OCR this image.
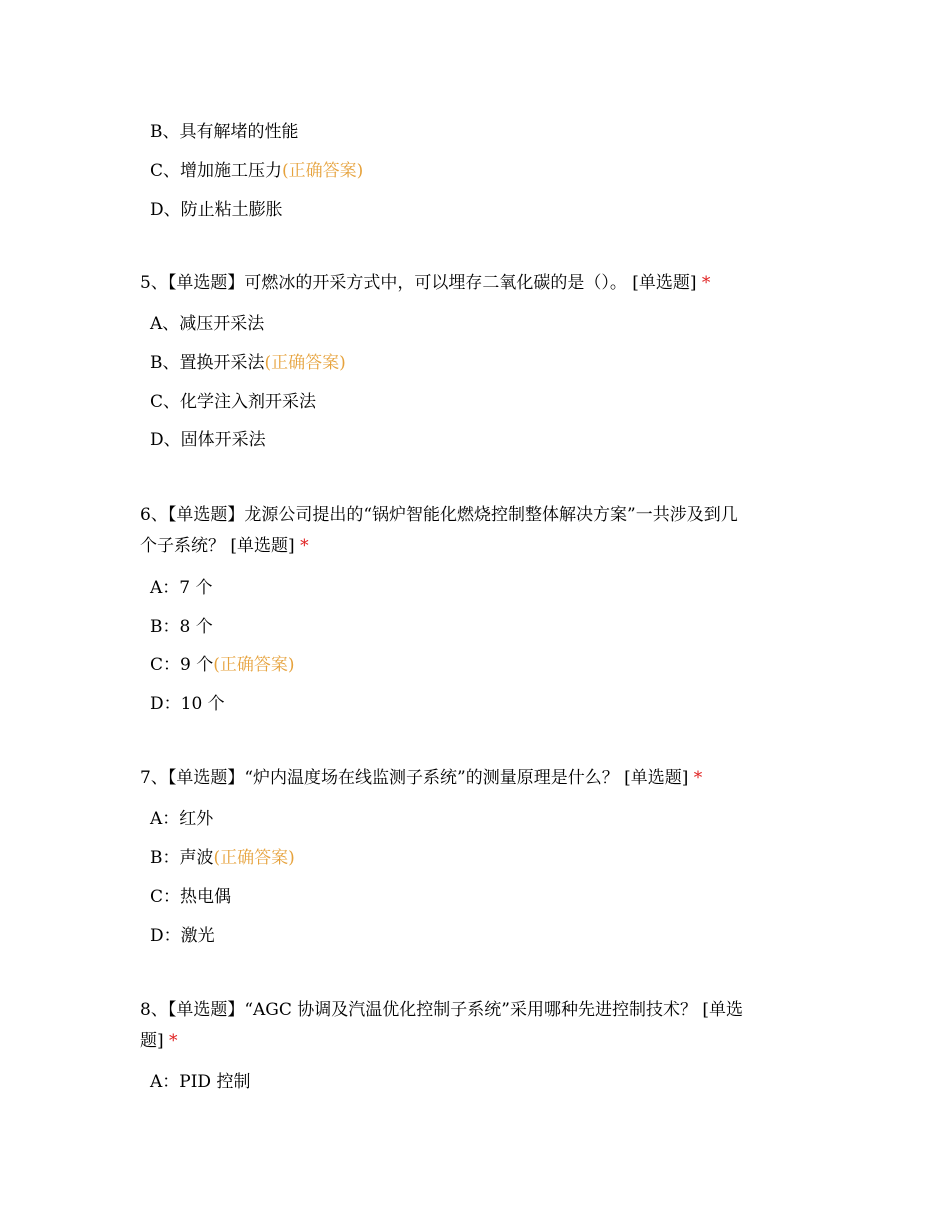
B、具有解堵的性能
C、增加施工压力(正确答案)
D、防止粘土膨胀
5、【单选题】可燃冰的开采方式中，可以埋存二氧化碳的是（）。 [单选题] *
A、减压开采法
B、置换开采法(正确答案)
C、化学注入剂开采法
D、固体开采法
6、【单选题】龙源公司提出的“锅炉智能化燃烧控制整体解决方案”一共涉及到几
个子系统？ [单选题] *
A：7 个
B：8 个
C：9 个(正确答案)
D：10 个
7、【单选题】“炉内温度场在线监测子系统”的测量原理是什么？ [单选题] *
A：红外
B：声波(正确答案)
C：热电偶
D：激光
8、【单选题】“AGC 协调及汽温优化控制子系统”采用哪种先进控制技术？ [单选
题] *
A：PID 控制
